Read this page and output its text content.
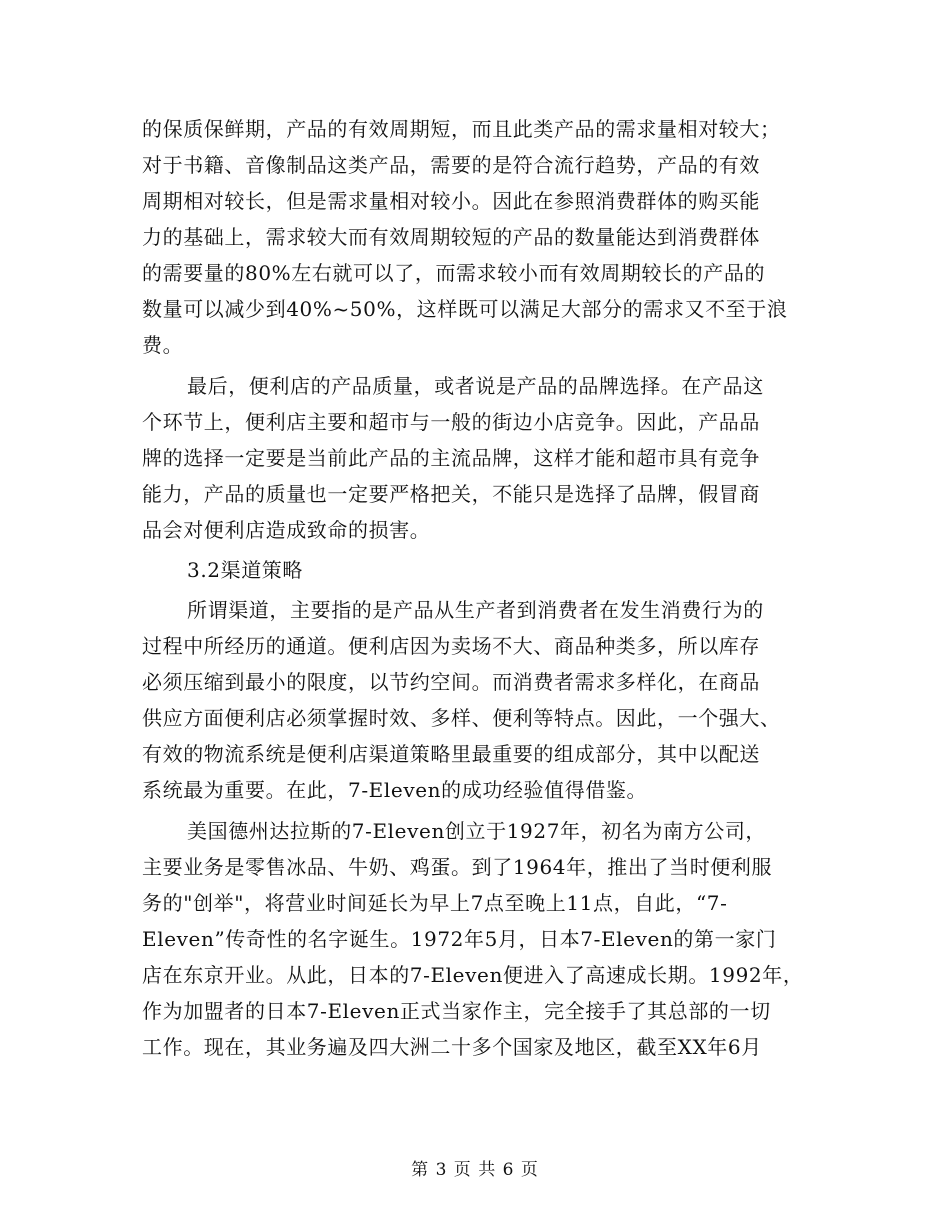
的保质保鲜期，产品的有效周期短，而且此类产品的需求量相对较大；
对于书籍、音像制品这类产品，需要的是符合流行趋势，产品的有效
周期相对较长，但是需求量相对较小。因此在参照消费群体的购买能
力的基础上，需求较大而有效周期较短的产品的数量能达到消费群体
的需要量的80%左右就可以了，而需求较小而有效周期较长的产品的
数量可以减少到40%~50%，这样既可以满足大部分的需求又不至于浪
费。
最后，便利店的产品质量，或者说是产品的品牌选择。在产品这
个环节上，便利店主要和超市与一般的街边小店竞争。因此，产品品
牌的选择一定要是当前此产品的主流品牌，这样才能和超市具有竞争
能力，产品的质量也一定要严格把关，不能只是选择了品牌，假冒商
品会对便利店造成致命的损害。
3.2渠道策略
所谓渠道，主要指的是产品从生产者到消费者在发生消费行为的
过程中所经历的通道。便利店因为卖场不大、商品种类多，所以库存
必须压缩到最小的限度，以节约空间。而消费者需求多样化，在商品
供应方面便利店必须掌握时效、多样、便利等特点。因此，一个强大、
有效的物流系统是便利店渠道策略里最重要的组成部分，其中以配送
系统最为重要。在此，7-Eleven的成功经验值得借鉴。
美国德州达拉斯的7-Eleven创立于1927年，初名为南方公司，
主要业务是零售冰品、牛奶、鸡蛋。到了1964年，推出了当时便利服
务的"创举"，将营业时间延长为早上7点至晚上11点，自此，“7-
Eleven”传奇性的名字诞生。1972年5月，日本7-Eleven的第一家门
店在东京开业。从此，日本的7-Eleven便进入了高速成长期。1992年，
作为加盟者的日本7-Eleven正式当家作主，完全接手了其总部的一切
工作。现在，其业务遍及四大洲二十多个国家及地区，截至XX年6月
第 3 页 共 6 页
